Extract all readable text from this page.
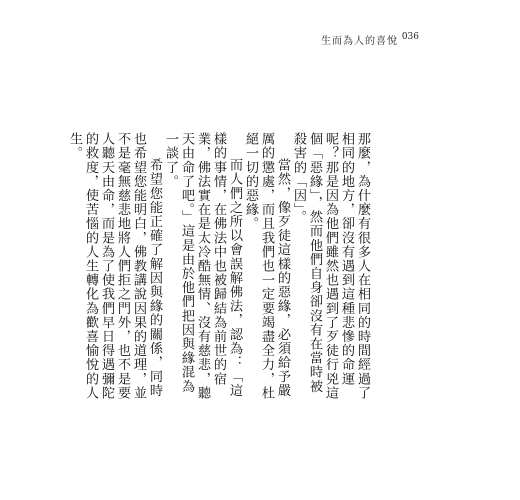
生而為人的喜悅 036

那麼，為什麼有很多人在相同的時間經過了相同的地方，卻沒有遇到這種悲慘的命運呢？那是因為他們雖然也遇到了歹徒行兇這個「惡緣」，然而他們自身卻沒有在當時被殺害的「因」。

當然，像歹徒這樣的惡緣，必須給予嚴厲的懲處，而且我們也一定要竭盡全力，杜絕一切的惡緣。

而人們之所以會誤解佛法，認為：「這樣的事情，在佛法中也被歸結為前世的宿業，佛法實在是太冷酷無情、沒有慈悲，聽天由命了吧。」這是由於他們把因與緣混為一談了。

希望您能正確了解因與緣的關係，同時也希望您能明白，佛教講說因果的道理，並不是毫無慈悲地將人們拒之門外，也不是要人聽天由命，而是為了使我們早日得遇彌陀的救度，使苦惱的人生轉化為歡喜愉悅的人生。
